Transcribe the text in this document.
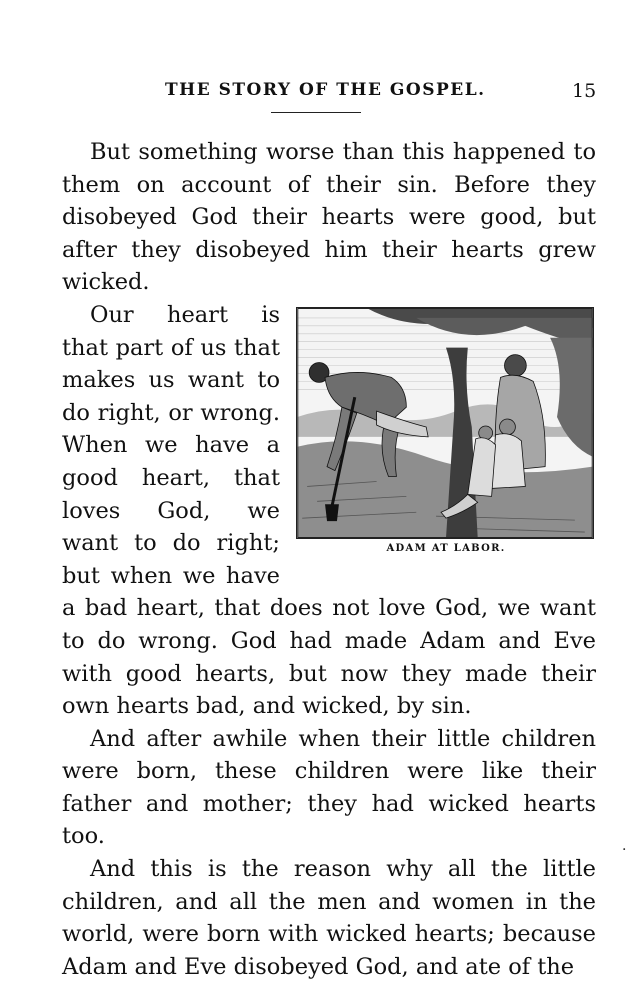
THE STORY OF THE GOSPEL.	15

But something worse than this happened to them on account of their sin. Before they disobeyed God their hearts were good, but after they disobeyed him their hearts grew wicked.

ADAM AT LABOR.

Our heart is that part of us that makes us want to do right, or wrong. When we have a good heart, that loves God, we want to do right; but when we have a bad heart, that does not love God, we want to do wrong. God had made Adam and Eve with good hearts, but now they made their own hearts bad, and wicked, by sin.

And after awhile when their little children were born, these children were like their father and mother; they had wicked hearts too.

And this is the reason why all the little children, and all the men and women in the world, were born with wicked hearts; because Adam and Eve disobeyed God, and ate of the

·
